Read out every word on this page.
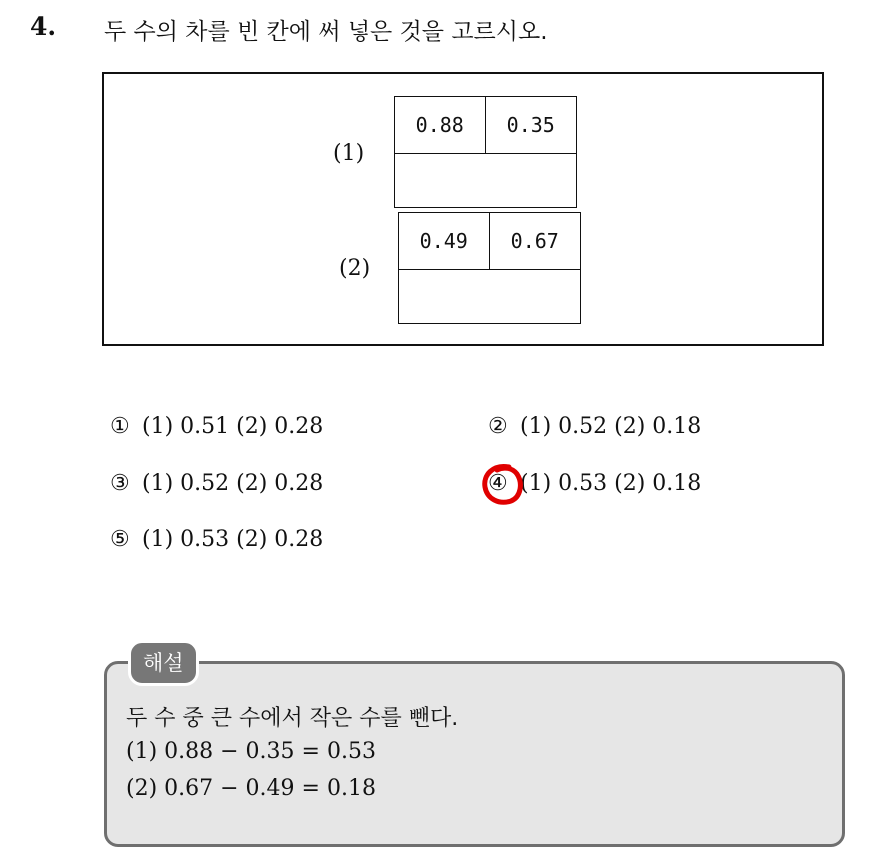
4. 두 수의 차를 빈 칸에 써 넣은 것을 고르시오.
(1)
0.88	0.35
(2)
0.49	0.67
① (1) 0.51 (2) 0.28	② (1) 0.52 (2) 0.18
③ (1) 0.52 (2) 0.28	④ (1) 0.53 (2) 0.18
⑤ (1) 0.53 (2) 0.28
해설
두 수 중 큰 수에서 작은 수를 뺀다.
(1) 0.88 − 0.35 = 0.53
(2) 0.67 − 0.49 = 0.18
